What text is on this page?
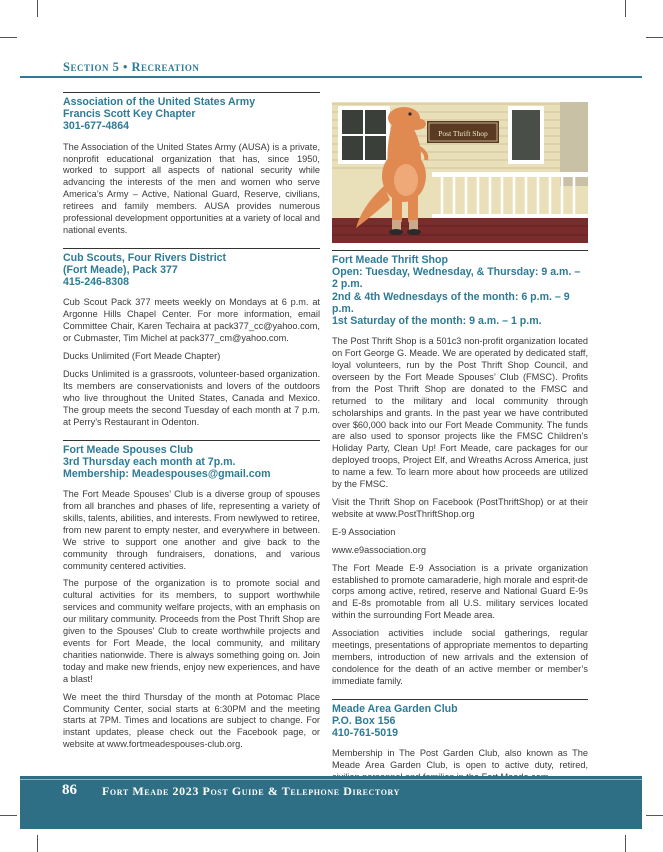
Section 5 • Recreation
Association of the United States Army
Francis Scott Key Chapter
301-677-4864

The Association of the United States Army (AUSA) is a private, nonprofit educational organization that has, since 1950, worked to support all aspects of national security while advancing the interests of the men and women who serve America’s Army – Active, National Guard, Reserve, civilians, retirees and family members. AUSA provides numerous professional development opportunities at a variety of local and national events.

Cub Scouts, Four Rivers District
(Fort Meade), Pack 377
415-246-8308

Cub Scout Pack 377 meets weekly on Mondays at 6 p.m. at Argonne Hills Chapel Center. For more information, email Committee Chair, Karen Techaira at pack377_cc@yahoo.com, or Cubmaster, Tim Michel at pack377_cm@yahoo.com.

Ducks Unlimited (Fort Meade Chapter)

Ducks Unlimited is a grassroots, volunteer-based organization. Its members are conservationists and lovers of the outdoors who live throughout the United States, Canada and Mexico. The group meets the second Tuesday of each month at 7 p.m. at Perry’s Restaurant in Odenton.

Fort Meade Spouses Club
3rd Thursday each month at 7p.m.
Membership: Meadespouses@gmail.com

The Fort Meade Spouses’ Club is a diverse group of spouses from all branches and phases of life, representing a variety of skills, talents, abilities, and interests. From newlywed to retiree, from new parent to empty nester, and everywhere in between. We strive to support one another and give back to the community through fundraisers, donations, and various community centered activities.

The purpose of the organization is to promote social and cultural activities for its members, to support worthwhile services and community welfare projects, with an emphasis on our military community. Proceeds from the Post Thrift Shop are given to the Spouses’ Club to create worthwhile projects and events for Fort Meade, the local community, and military charities nationwide. There is always something going on. Join today and make new friends, enjoy new experiences, and have a blast!

We meet the third Thursday of the month at Potomac Place Community Center, social starts at 6:30PM and the meeting starts at 7PM. Times and locations are subject to change. For instant updates, please check out the Facebook page, or website at www.fortmeadespouses-club.org.

Post Thrift Shop
Fort Meade Thrift Shop
Open: Tuesday, Wednesday, & Thursday: 9 a.m. – 2 p.m.
2nd & 4th Wednesdays of the month: 6 p.m. – 9 p.m.
1st Saturday of the month: 9 a.m. – 1 p.m.

The Post Thrift Shop is a 501c3 non-profit organization located on Fort George G. Meade. We are operated by dedicated staff, loyal volunteers, run by the Post Thrift Shop Council, and overseen by the Fort Meade Spouses’ Club (FMSC). Profits from the Post Thrift Shop are donated to the FMSC and returned to the military and local community through scholarships and grants. In the past year we have contributed over $60,000 back into our Fort Meade Community. The funds are also used to sponsor projects like the FMSC Children’s Holiday Party, Clean Up! Fort Meade, care packages for our deployed troops, Project Elf, and Wreaths Across America, just to name a few. To learn more about how proceeds are utilized by the FMSC.

Visit the Thrift Shop on Facebook (PostThriftShop) or at their website at www.PostThriftShop.org

E-9 Association

www.e9association.org

The Fort Meade E-9 Association is a private organization established to promote camaraderie, high morale and esprit-de corps among active, retired, reserve and National Guard E-9s and E-8s promotable from all U.S. military services located within the surrounding Fort Meade area.

Association activities include social gatherings, regular meetings, presentations of appropriate mementos to departing members, introduction of new arrivals and the extension of condolence for the death of an active member or member’s immediate family.

Meade Area Garden Club
P.O. Box 156
410-761-5019

Membership in The Post Garden Club, also known as The Meade Area Garden Club, is open to active duty, retired,

86 Fort Meade 2023 Post Guide & Telephone Directory
